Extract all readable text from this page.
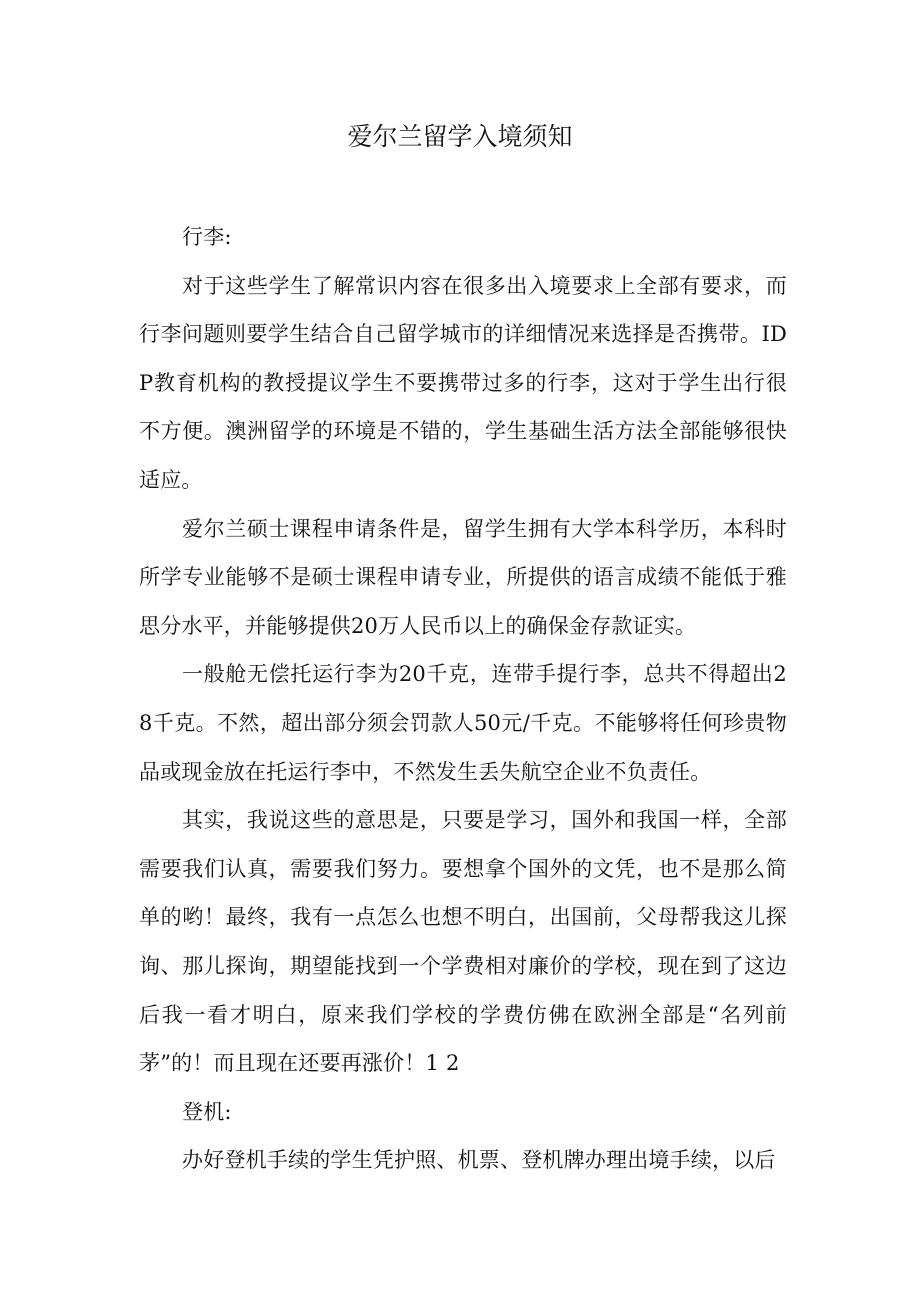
爱尔兰留学入境须知

行李:

对于这些学生了解常识内容在很多出入境要求上全部有要求，而行李问题则要学生结合自己留学城市的详细情况来选择是否携带。IDP教育机构的教授提议学生不要携带过多的行李，这对于学生出行很不方便。澳洲留学的环境是不错的，学生基础生活方法全部能够很快适应。

爱尔兰硕士课程申请条件是，留学生拥有大学本科学历，本科时所学专业能够不是硕士课程申请专业，所提供的语言成绩不能低于雅思分水平，并能够提供20万人民币以上的确保金存款证实。

一般舱无偿托运行李为20千克，连带手提行李，总共不得超出28千克。不然，超出部分须会罚款人50元/千克。不能够将任何珍贵物品或现金放在托运行李中，不然发生丢失航空企业不负责任。

其实，我说这些的意思是，只要是学习，国外和我国一样，全部需要我们认真，需要我们努力。要想拿个国外的文凭，也不是那么简单的哟！最终，我有一点怎么也想不明白，出国前，父母帮我这儿探询、那儿探询，期望能找到一个学费相对廉价的学校，现在到了这边后我一看才明白，原来我们学校的学费仿佛在欧洲全部是“名列前茅”的！而且现在还要再涨价！1 2

登机:

办好登机手续的学生凭护照、机票、登机牌办理出境手续，以后
